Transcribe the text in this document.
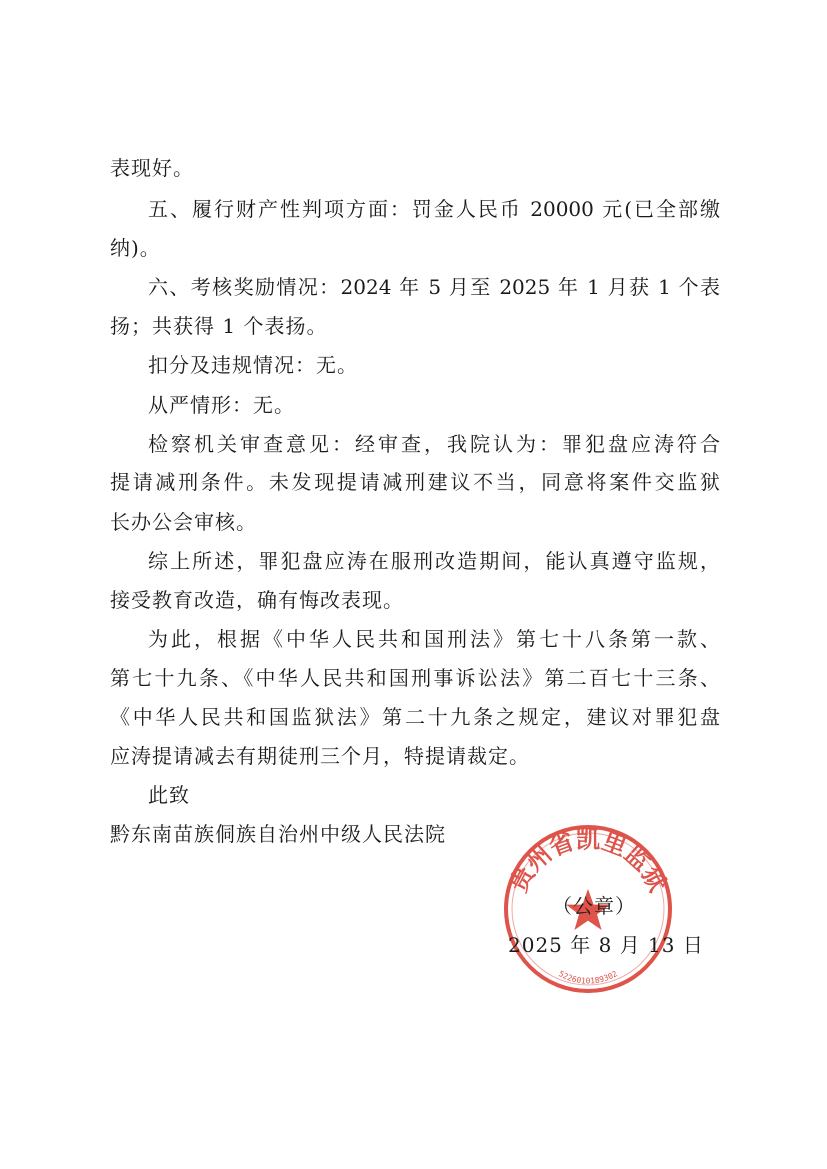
表现好。
五、履行财产性判项方面：罚金人民币 20000 元(已全部缴
纳)。
六、考核奖励情况：2024 年 5 月至 2025 年 1 月获 1 个表
扬；共获得 1 个表扬。
扣分及违规情况：无。
从严情形：无。
检察机关审查意见：经审查，我院认为：罪犯盘应涛符合
提请减刑条件。未发现提请减刑建议不当，同意将案件交监狱
长办公会审核。
综上所述，罪犯盘应涛在服刑改造期间，能认真遵守监规，
接受教育改造，确有悔改表现。
为此，根据《中华人民共和国刑法》第七十八条第一款、
第七十九条、《中华人民共和国刑事诉讼法》第二百七十三条、
《中华人民共和国监狱法》第二十九条之规定，建议对罪犯盘
应涛提请减去有期徒刑三个月，特提请裁定。
此致
黔东南苗族侗族自治州中级人民法院
贵州省凯里监狱
5226010189302
（公章）
2025 年 8 月 13 日
